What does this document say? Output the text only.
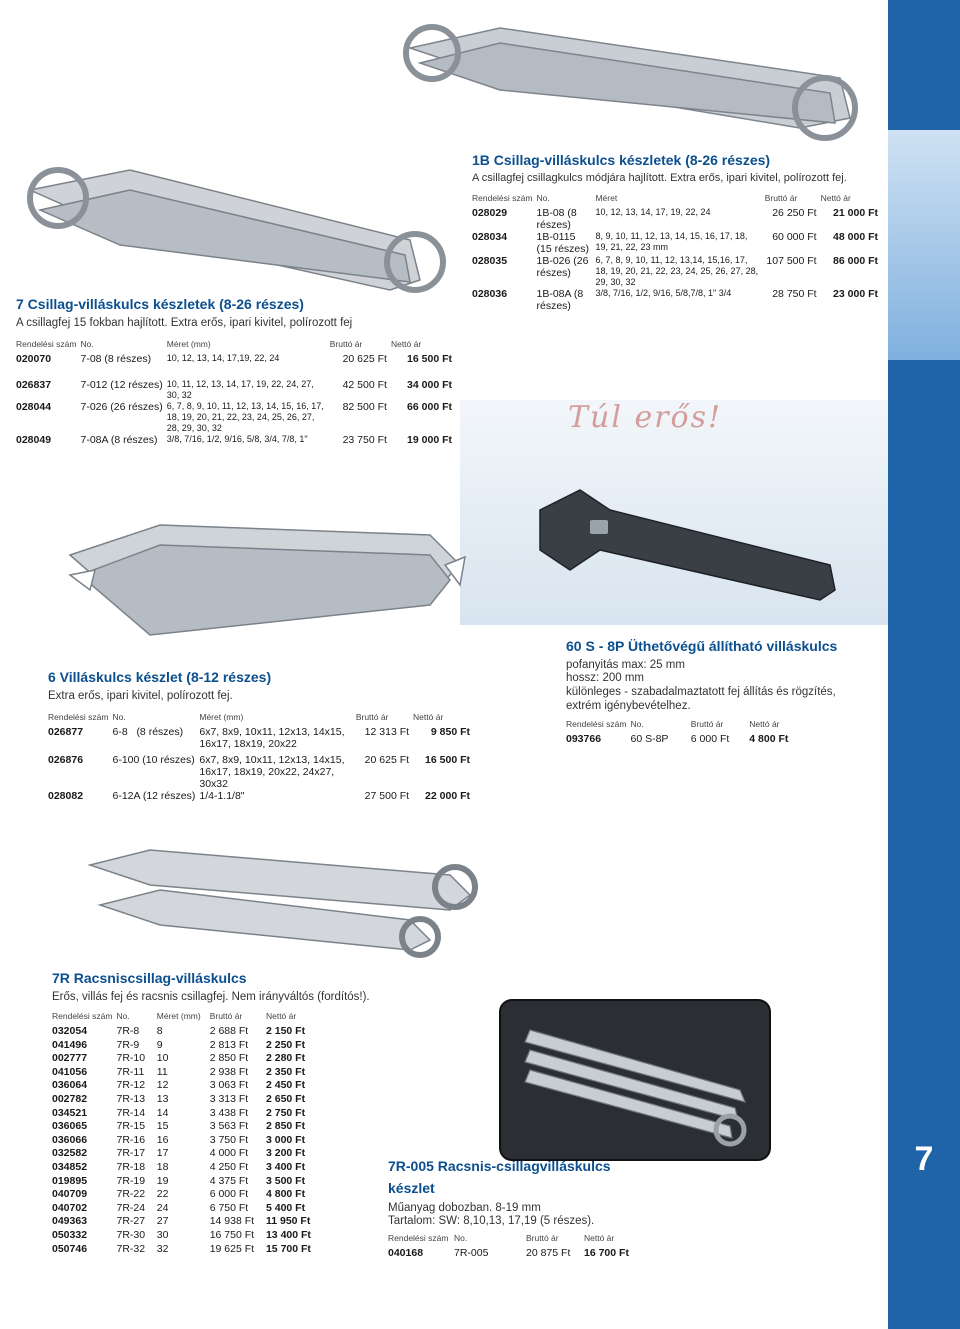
7
7 Csillag-villáskulcs készletek (8-26 részes)
A csillagfej 15 fokban hajlított. Extra erős, ipari kivitel, polírozott fej
Rendelési szám	No.	Méret (mm)	Bruttó ár	Nettó ár
020070	7-08 (8 részes)	10, 12, 13, 14, 17,19, 22, 24	20 625 Ft	16 500 Ft
026837	7-012 (12 részes)	10, 11, 12, 13, 14, 17, 19, 22, 24, 27, 30, 32	42 500 Ft	34 000 Ft
028044	7-026 (26 részes)	6, 7, 8, 9, 10, 11, 12, 13, 14, 15, 16, 17, 18, 19, 20, 21, 22, 23, 24, 25, 26, 27, 28, 29, 30, 32	82 500 Ft	66 000 Ft
028049	7-08A (8 részes)	3/8, 7/16, 1/2, 9/16, 5/8, 3/4, 7/8, 1"	23 750 Ft	19 000 Ft
1B Csillag-villáskulcs készletek (8-26 részes)
A csillagfej csillagkulcs módjára hajlított. Extra erős, ipari kivitel, polírozott fej.
Rendelési szám	No.	Méret	Bruttó ár	Nettó ár
028029	1B-08 (8 részes)	10, 12, 13, 14, 17, 19, 22, 24	26 250 Ft	21 000 Ft
028034	1B-0115 (15 részes)	8, 9, 10, 11, 12, 13, 14, 15, 16, 17, 18, 19, 21, 22, 23 mm	60 000 Ft	48 000 Ft
028035	1B-026 (26 részes)	6, 7, 8, 9, 10, 11, 12, 13,14, 15,16, 17, 18, 19, 20, 21, 22, 23, 24, 25, 26, 27, 28, 29, 30, 32	107 500 Ft	86 000 Ft
028036	1B-08A (8 részes)	3/8, 7/16, 1/2, 9/16, 5/8,7/8, 1" 3/4	28 750 Ft	23 000 Ft
6 Villáskulcs készlet (8-12 részes)
Extra erős, ipari kivitel, polírozott fej.
Rendelési szám	No.	Méret (mm)	Bruttó ár	Nettó ár
026877	6-8 (8 részes)	6x7, 8x9, 10x11, 12x13, 14x15, 16x17, 18x19, 20x22	12 313 Ft	9 850 Ft
026876	6-100 (10 részes)	6x7, 8x9, 10x11, 12x13, 14x15, 16x17, 18x19, 20x22, 24x27, 30x32	20 625 Ft	16 500 Ft
028082	6-12A (12 részes)	1/4-1.1/8"	27 500 Ft	22 000 Ft
60 S - 8P Üthetővégű állítható villáskulcs
pofanyitás max: 25 mm
hossz: 200 mm
különleges - szabadalmaztatott fej állítás és rögzítés, extrém igénybevételhez.
Rendelési szám	No.	Bruttó ár	Nettó ár
093766	60 S-8P	6 000 Ft	4 800 Ft
7R Racsniscsillag-villáskulcs
Erős, villás fej és racsnis csillagfej. Nem irányváltós (fordítós!).
Rendelési szám	No.	Méret (mm)	Bruttó ár	Nettó ár
032054	7R-8	8	2 688 Ft	2 150 Ft
041496	7R-9	9	2 813 Ft	2 250 Ft
002777	7R-10	10	2 850 Ft	2 280 Ft
041056	7R-11	11	2 938 Ft	2 350 Ft
036064	7R-12	12	3 063 Ft	2 450 Ft
002782	7R-13	13	3 313 Ft	2 650 Ft
034521	7R-14	14	3 438 Ft	2 750 Ft
036065	7R-15	15	3 563 Ft	2 850 Ft
036066	7R-16	16	3 750 Ft	3 000 Ft
032582	7R-17	17	4 000 Ft	3 200 Ft
034852	7R-18	18	4 250 Ft	3 400 Ft
019895	7R-19	19	4 375 Ft	3 500 Ft
040709	7R-22	22	6 000 Ft	4 800 Ft
040702	7R-24	24	6 750 Ft	5 400 Ft
049363	7R-27	27	14 938 Ft	11 950 Ft
050332	7R-30	30	16 750 Ft	13 400 Ft
050746	7R-32	32	19 625 Ft	15 700 Ft
7R-005 Racsnis-csillagvilláskulcs
készlet
Műanyag dobozban. 8-19 mm
Tartalom: SW: 8,10,13, 17,19 (5 részes).
Rendelési szám	No.	Bruttó ár	Nettó ár
040168	7R-005	20 875 Ft	16 700 Ft
